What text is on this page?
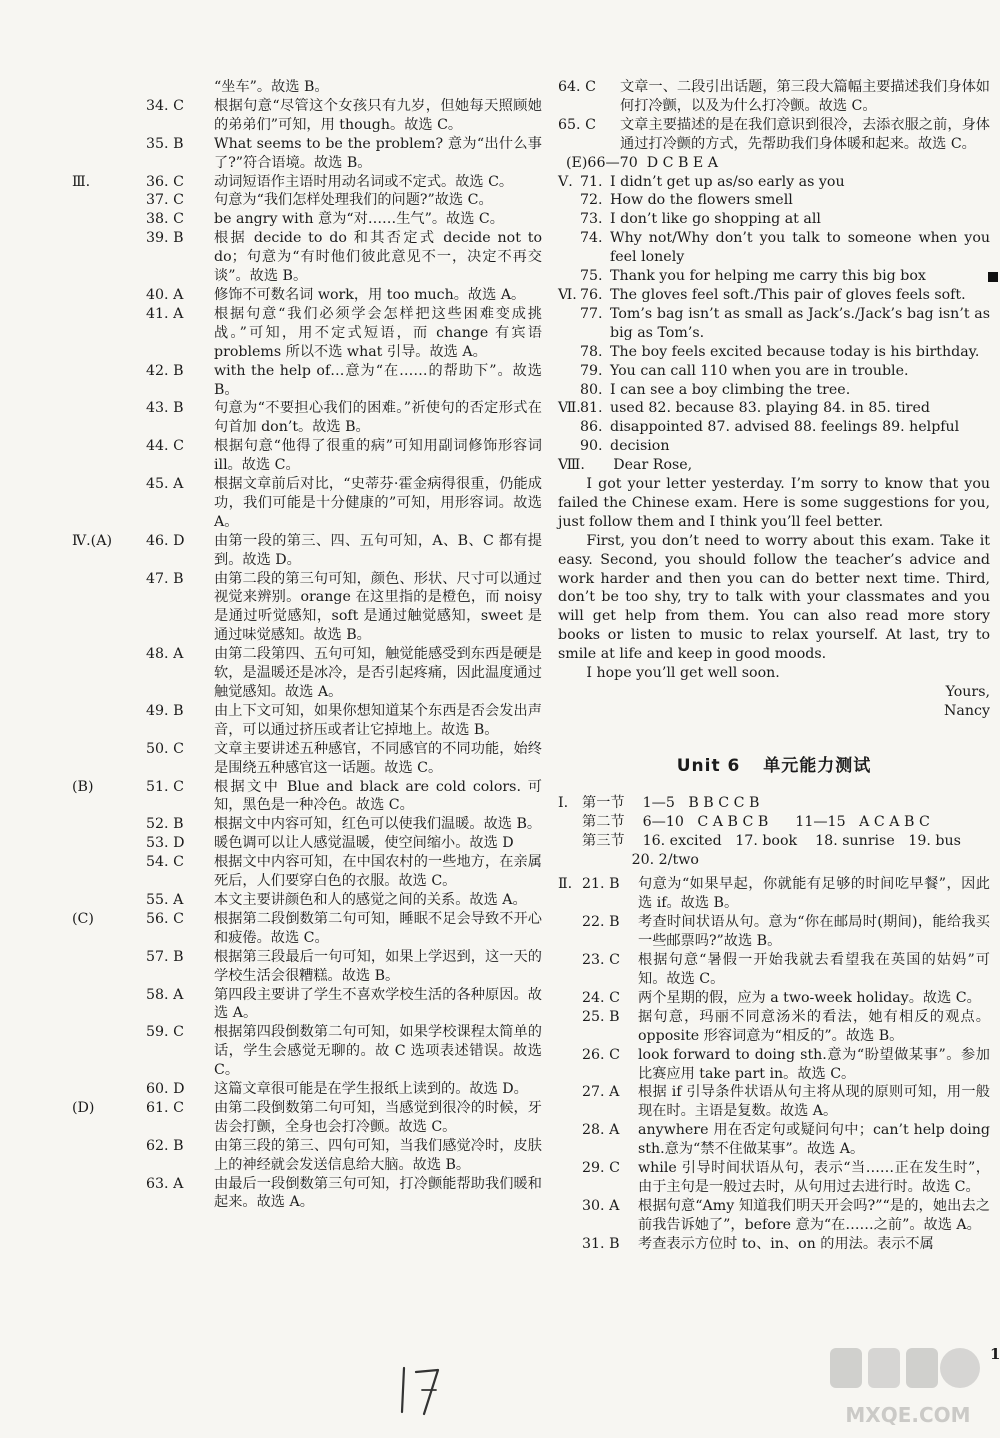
“坐车”。故选 B。
34. C 根据句意“尽管这个女孩只有九岁，但她每天照顾她的弟弟们”可知，用 though。故选 C。
35. B What seems to be the problem? 意为“出什么事了?”符合语境。故选 B。
Ⅲ.	36. C 动词短语作主语时用动名词或不定式。故选 C。
37. C 句意为“我们怎样处理我们的问题?”故选 C。
38. C be angry with 意为“对……生气”。故选 C。
39. B 根据 decide to do 和其否定式 decide not to do；句意为“有时他们彼此意见不一，决定不再交谈”。故选 B。
40. A 修饰不可数名词 work，用 too much。故选 A。
41. A 根据句意“我们必须学会怎样把这些困难变成挑战。”可知，用不定式短语，而 change 有宾语 problems 所以不选 what 引导。故选 A。
42. B with the help of…意为“在……的帮助下”。故选 B。
43. B 句意为“不要担心我们的困难。”祈使句的否定形式在句首加 don’t。故选 B。
44. C 根据句意“他得了很重的病”可知用副词修饰形容词 ill。故选 C。
45. A 根据文章前后对比，“史蒂芬·霍金病得很重，仍能成功，我们可能是十分健康的”可知，用形容词。故选 A。
Ⅳ.(A) 46. D 由第一段的第三、四、五句可知，A、B、C 都有提到。故选 D。
47. B 由第二段的第三句可知，颜色、形状、尺寸可以通过视觉来辨别。orange 在这里指的是橙色，而 noisy 是通过听觉感知，soft 是通过触觉感知，sweet 是通过味觉感知。故选 B。
48. A 由第二段第四、五句可知，触觉能感受到东西是硬是软，是温暖还是冰冷，是否引起疼痛，因此温度通过触觉感知。故选 A。
49. B 由上下文可知，如果你想知道某个东西是否会发出声音，可以通过挤压或者让它掉地上。故选 B。
50. C 文章主要讲述五种感官，不同感官的不同功能，始终是围绕五种感官这一话题。故选 C。
(B)	51. C 根据文中 Blue and black are cold colors. 可知，黑色是一种冷色。故选 C。
52. B 根据文中内容可知，红色可以使我们温暖。故选 B。
53. D 暖色调可以让人感觉温暖，使空间缩小。故选 D
54. C 根据文中内容可知，在中国农村的一些地方，在亲属死后，人们要穿白色的衣服。故选 C。
55. A 本文主要讲颜色和人的感觉之间的关系。故选 A。
(C)	56. C 根据第二段倒数第二句可知，睡眠不足会导致不开心和疲倦。故选 C。
57. B 根据第三段最后一句可知，如果上学迟到，这一天的学校生活会很糟糕。故选 B。
58. A 第四段主要讲了学生不喜欢学校生活的各种原因。故选 A。
59. C 根据第四段倒数第二句可知，如果学校课程太简单的话，学生会感觉无聊的。故 C 选项表述错误。故选 C。
60. D 这篇文章很可能是在学生报纸上读到的。故选 D。
(D)	61. C 由第二段倒数第二句可知，当感觉到很冷的时候，牙齿会打颤，全身也会打冷颤。故选 C。
62. B 由第三段的第三、四句可知，当我们感觉冷时，皮肤上的神经就会发送信息给大脑。故选 B。
63. A 由最后一段倒数第三句可知，打冷颤能帮助我们暖和起来。故选 A。
64. C 文章一、二段引出话题，第三段大篇幅主要描述我们身体如何打冷颤，以及为什么打冷颤。故选 C。
65. C 文章主要描述的是在我们意识到很冷，去添衣服之前，身体通过打冷颤的方式，先帮助我们身体暖和起来。故选 C。
(E)66—70  D C B E A
Ⅴ. 71. I didn’t get up as/so early as you
72. How do the flowers smell
73. I don’t like go shopping at all
74. Why not/Why don’t you talk to someone when you feel lonely
75. Thank you for helping me carry this big box
Ⅵ. 76. The gloves feel soft./This pair of gloves feels soft.
77. Tom’s bag isn’t as small as Jack’s./Jack’s bag isn’t as big as Tom’s.
78. The boy feels excited because today is his birthday.
79. You can call 110 when you are in trouble.
80. I can see a boy climbing the tree.
Ⅶ. 81. used 82. because 83. playing 84. in 85. tired
86. disappointed 87. advised 88. feelings 89. helpful
90. decision
Ⅷ.	Dear Rose,

I got your letter yesterday. I’m sorry to know that you failed the Chinese exam. Here is some suggestions for you, just follow them and I think you’ll feel better.

First, you don’t need to worry about this exam. Take it easy. Second, you should follow the teacher’s advice and work harder and then you can do better next time. Third, don’t be too shy, try to talk with your classmates and you will get help from them. You can also read more story books or listen to music to relax yourself. At last, try to smile at life and keep in good moods.

I hope you’ll get well soon.

Yours,

Nancy

Unit 6 单元能力测试
Ⅰ. 第一节    1—5   B B C C B
第二节    6—10   C A B C B      11—15   A C A B C
第三节    16. excited   17. book    18. sunrise   19. bus
20. 2/two
Ⅱ. 21. B 句意为“如果早起，你就能有足够的时间吃早餐”，因此选 if。故选 B。
22. B 考查时间状语从句。意为“你在邮局时(期间)，能给我买一些邮票吗?”故选 B。
23. C 根据句意“暑假一开始我就去看望我在英国的姑妈”可知。故选 C。
24. C 两个星期的假，应为 a two-week holiday。故选 C。
25. B 据句意，玛丽不同意汤米的看法，她有相反的观点。opposite 形容词意为“相反的”。故选 B。
26. C look forward to doing sth.意为“盼望做某事”。参加比赛应用 take part in。故选 C。
27. A 根据 if 引导条件状语从句主将从现的原则可知，用一般现在时。主语是复数。故选 A。
28. A anywhere 用在否定句或疑问句中；can’t help doing sth.意为“禁不住做某事”。故选 A。
29. C while 引导时间状语从句，表示“当……正在发生时”，由于主句是一般过去时，从句用过去进行时。故选 C。
30. A 根据句意“Amy 知道我们明天开会吗?”“是的，她出去之前我告诉她了”，before 意为“在……之前”。故选 A。
31. B 考查表示方位时 to、in、on 的用法。表示不属
1
MXQE.COM
